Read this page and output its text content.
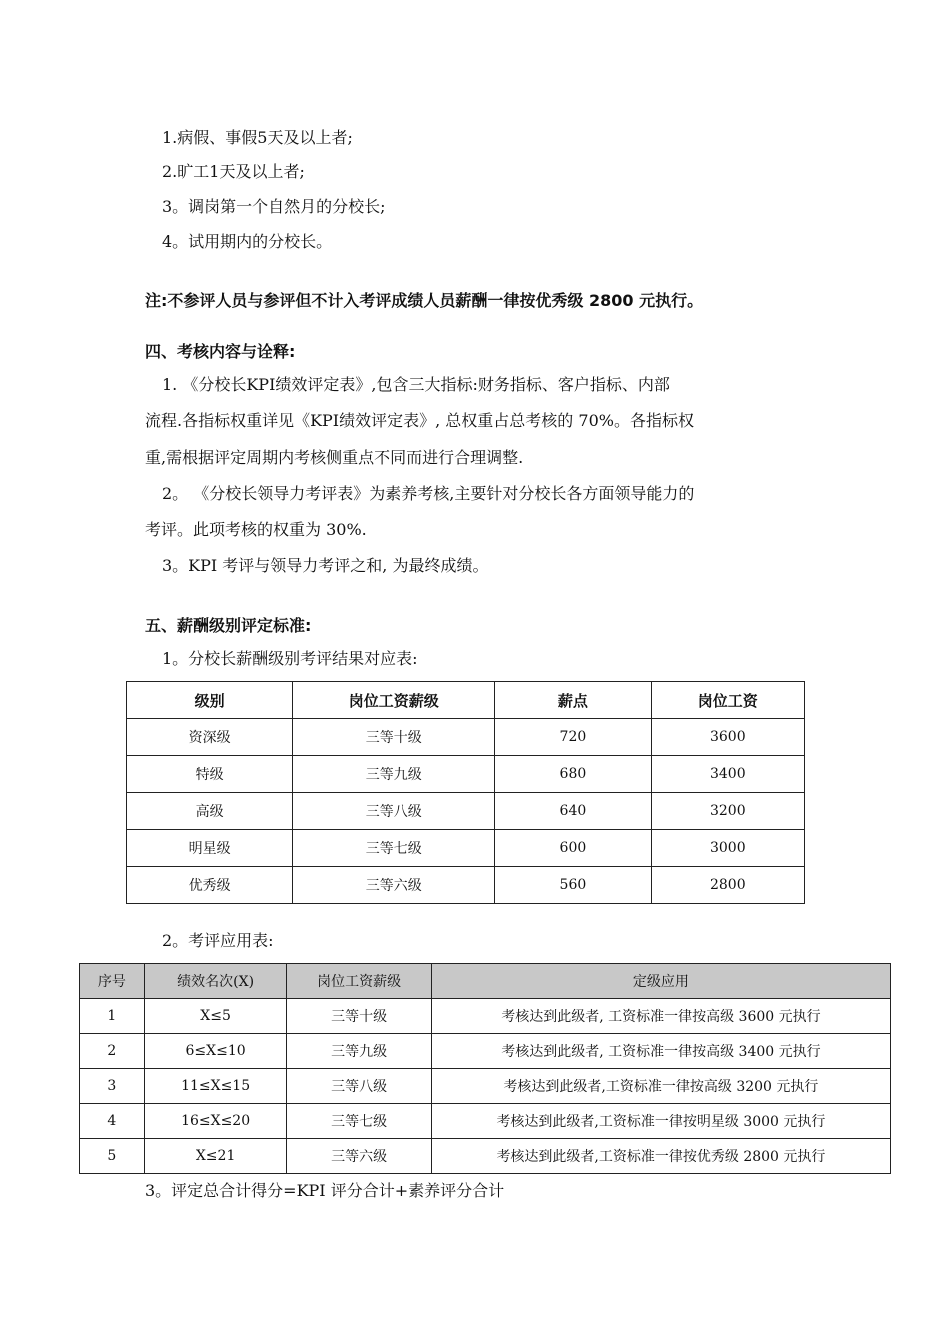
1.病假、事假5天及以上者;
2.旷工1天及以上者;
3。调岗第一个自然月的分校长;
4。试用期内的分校长。
注:不参评人员与参评但不计入考评成绩人员薪酬一律按优秀级 2800 元执行。
四、考核内容与诠释:
1. 《分校长KPI绩效评定表》,包含三大指标:财务指标、客户指标、内部
流程.各指标权重详见《KPI绩效评定表》, 总权重占总考核的 70%。各指标权
重,需根据评定周期内考核侧重点不同而进行合理调整.
2。 《分校长领导力考评表》为素养考核,主要针对分校长各方面领导能力的
考评。此项考核的权重为 30%.
3。KPI 考评与领导力考评之和, 为最终成绩。
五、薪酬级别评定标准:
1。分校长薪酬级别考评结果对应表:
级别	岗位工资薪级	薪点	岗位工资
资深级	三等十级	720	3600
特级	三等九级	680	3400
高级	三等八级	640	3200
明星级	三等七级	600	3000
优秀级	三等六级	560	2800
2。考评应用表:
序号	绩效名次(X)	岗位工资薪级	定级应用
1	X≤5	三等十级	考核达到此级者, 工资标准一律按高级 3600 元执行
2	6≤X≤10	三等九级	考核达到此级者, 工资标准一律按高级 3400 元执行
3	11≤X≤15	三等八级	考核达到此级者,工资标准一律按高级 3200 元执行
4	16≤X≤20	三等七级	考核达到此级者,工资标准一律按明星级 3000 元执行
5	X≤21	三等六级	考核达到此级者,工资标准一律按优秀级 2800 元执行
3。评定总合计得分=KPI 评分合计+素养评分合计
